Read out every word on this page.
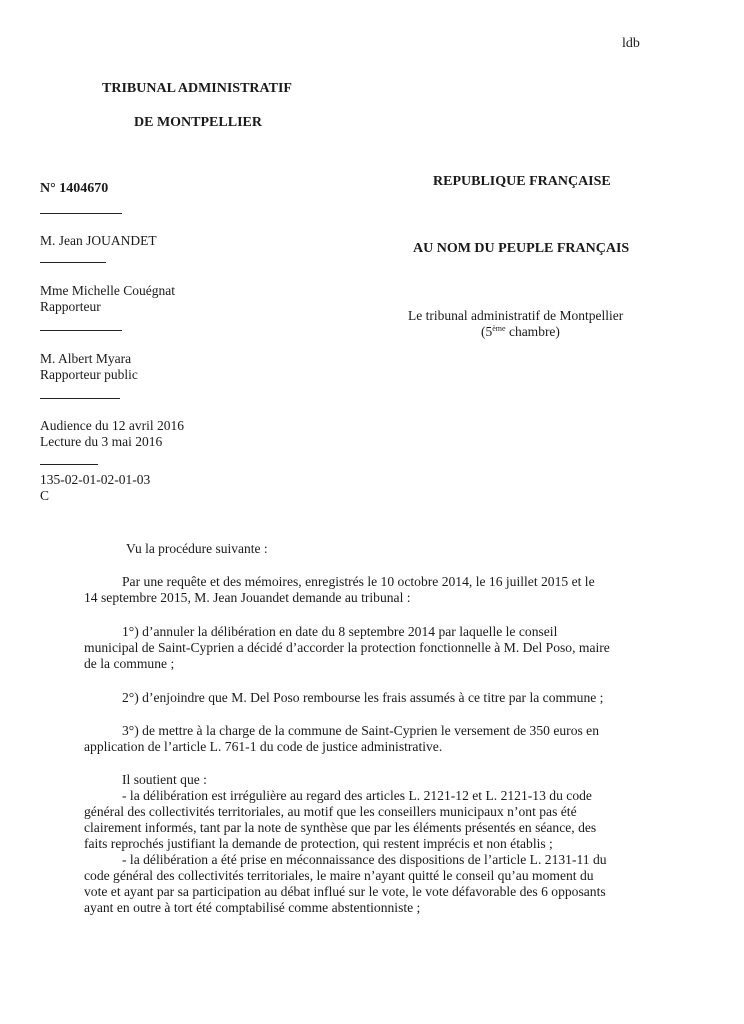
ldb
TRIBUNAL ADMINISTRATIF
DE MONTPELLIER
N° 1404670
M. Jean JOUANDET
Mme Michelle Couégnat
Rapporteur
M. Albert Myara
Rapporteur public
Audience du 12 avril 2016
Lecture du 3 mai 2016
135-02-01-02-01-03
C
REPUBLIQUE FRANÇAISE
AU NOM DU PEUPLE FRANÇAIS
Le tribunal administratif de Montpellier
(5ème chambre)
Vu la procédure suivante :
Par une requête et des mémoires, enregistrés le 10 octobre 2014, le 16 juillet 2015 et le
14 septembre 2015, M. Jean Jouandet demande au tribunal :
1°) d’annuler la délibération en date du 8 septembre 2014 par laquelle le conseil
municipal de Saint-Cyprien a décidé d’accorder la protection fonctionnelle à M. Del Poso, maire
de la commune ;
2°) d’enjoindre que M. Del Poso rembourse les frais assumés à ce titre par la commune ;
3°) de mettre à la charge de la commune de Saint-Cyprien le versement de 350 euros en
application de l’article L. 761-1 du code de justice administrative.
Il soutient que :
- la délibération est irrégulière au regard des articles L. 2121-12 et L. 2121-13 du code
général des collectivités territoriales, au motif que les conseillers municipaux n’ont pas été
clairement informés, tant par la note de synthèse que par les éléments présentés en séance, des
faits reprochés justifiant la demande de protection, qui restent imprécis et non établis ;
- la délibération a été prise en méconnaissance des dispositions de l’article L. 2131-11 du
code général des collectivités territoriales, le maire n’ayant quitté le conseil qu’au moment du
vote et ayant par sa participation au débat influé sur le vote, le vote défavorable des 6 opposants
ayant en outre à tort été comptabilisé comme abstentionniste ;
